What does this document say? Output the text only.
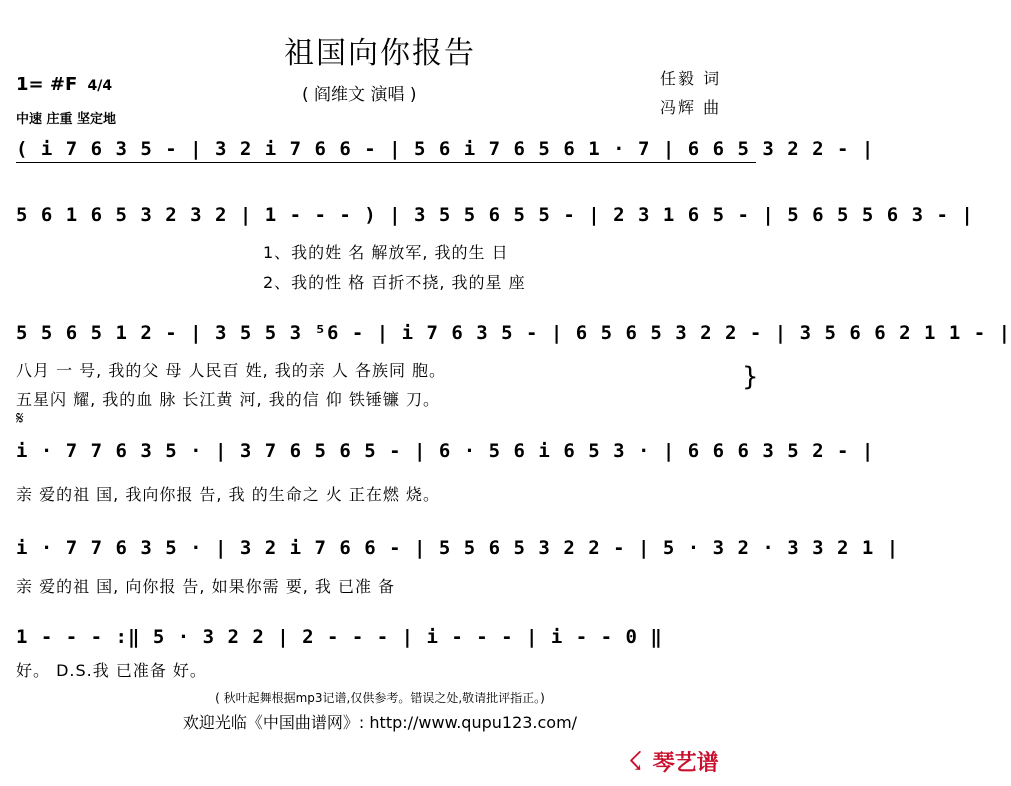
祖国向你报告
( 阎维文 演唱 )
1= #F 4/4
中速 庄重 坚定地
任毅 词
冯辉 曲
( i 7 6 3 5 - | 3 2 i 7 6 6 - | 5 6 i 7 6 5 6 1 · 7 | 6 6 5 3 2 2 - |
5 6 1 6 5 3 2 3 2 | 1 - - - ) | 3 5 5 6 5 5 - | 2 3 1 6 5 - | 5 6 5 5 6 3 - |
1、我的姓 名 解放军, 我的生 日
2、我的性 格 百折不挠, 我的星 座
5 5 6 5 1 2 - | 3 5 5 3 ⁵6 - | i 7 6 3 5 - | 6 5 6 5 3 2 2 - | 3 5 6 6 2 1 1 - |
八月 一 号, 我的父 母 人民百 姓, 我的亲 人 各族同 胞。
五星闪 耀, 我的血 脉 长江黄 河, 我的信 仰 铁锤镰 刀。
}
𝄋
i · 7 7 6 3 5 · | 3 7 6 5 6 5 - | 6 · 5 6 i 6 5 3 · | 6 6 6 3 5 2 - |
亲 爱的祖 国, 我向你报 告, 我 的生命之 火 正在燃 烧。
i · 7 7 6 3 5 · | 3 2 i 7 6 6 - | 5 5 6 5 3 2 2 - | 5 · 3 2 · 3 3 2 1 |
亲 爱的祖 国, 向你报 告, 如果你需 要, 我 已准 备
1 - - - :‖ 5 · 3 2 2 | 2 - - - | i - - - | i - - 0 ‖
好。 D.S.我 已准备 好。
( 秋叶起舞根据mp3记谱,仅供参考。错误之处,敬请批评指正。)
欢迎光临《中国曲谱网》: http://www.qupu123.com/
☇ 琴艺谱
